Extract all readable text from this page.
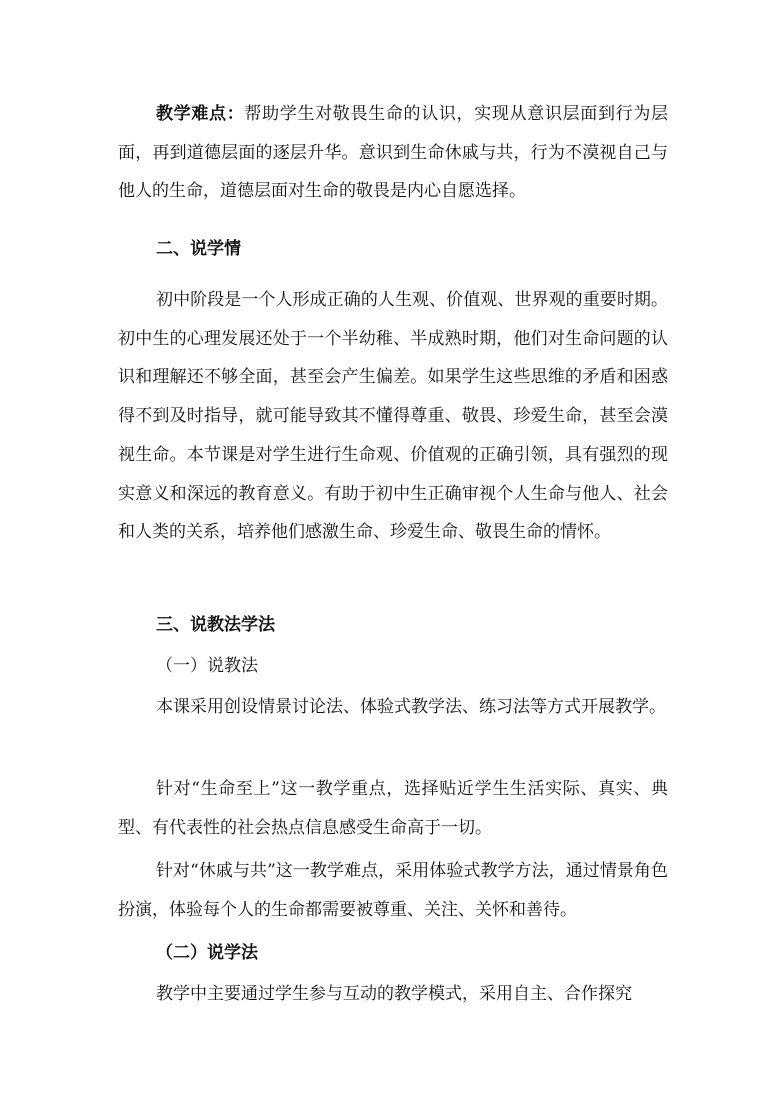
教学难点：帮助学生对敬畏生命的认识，实现从意识层面到行为层面，再到道德层面的逐层升华。意识到生命休戚与共，行为不漠视自己与他人的生命，道德层面对生命的敬畏是内心自愿选择。
二、说学情
初中阶段是一个人形成正确的人生观、价值观、世界观的重要时期。初中生的心理发展还处于一个半幼稚、半成熟时期，他们对生命问题的认识和理解还不够全面，甚至会产生偏差。如果学生这些思维的矛盾和困惑得不到及时指导，就可能导致其不懂得尊重、敬畏、珍爱生命，甚至会漠视生命。本节课是对学生进行生命观、价值观的正确引领，具有强烈的现实意义和深远的教育意义。有助于初中生正确审视个人生命与他人、社会和人类的关系，培养他们感激生命、珍爱生命、敬畏生命的情怀。
三、说教法学法
（一）说教法
本课采用创设情景讨论法、体验式教学法、练习法等方式开展教学。
针对“生命至上”这一教学重点，选择贴近学生生活实际、真实、典型、有代表性的社会热点信息感受生命高于一切。
针对“休戚与共”这一教学难点，采用体验式教学方法，通过情景角色扮演，体验每个人的生命都需要被尊重、关注、关怀和善待。
（二）说学法
教学中主要通过学生参与互动的教学模式，采用自主、合作探究
